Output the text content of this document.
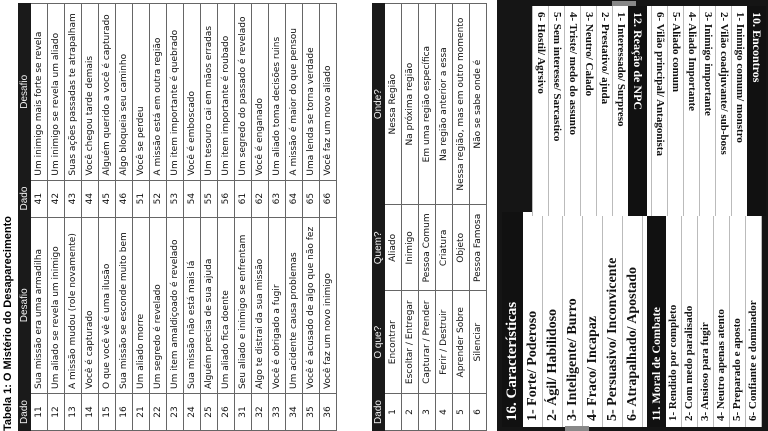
Tabela 1: O Mistério do Desaparecimento Dado	Desafio	Dado	Desafio
11	Sua missão era uma armadilha	41	Um inimigo mais forte se revela
12	Um aliado se revela um inimigo	42	Um inimigo se revela um aliado
13	A missão mudou (role novamente)	43	Suas ações passadas te atrapalham
14	Você é capturado	44	Você chegou tarde demais
15	O que você vê é uma ilusão	45	Alguém querido a você é capturado
16	Sua missão se esconde muito bem	46	Algo bloqueia seu caminho
21	Um aliado morre	51	Você se perdeu
22	Um segredo é revelado	52	A missão está em outra região
23	Um item amaldiçoado é revelado	53	Um item importante é quebrado
24	Sua missão não está mais lá	54	Você é emboscado
25	Alguém precisa de sua ajuda	55	Um tesouro cai em mãos erradas
26	Um aliado fica doente	56	Um item importante é roubado
31	Seu aliado e inimigo se enfrentam	61	Um segredo do passado é revelado
32	Algo te distrai da sua missão	62	Você é enganado
33	Você é obrigado a fugir	63	Um aliado toma decisões ruins
34	Um acidente causa problemas	64	A missão é maior do que pensou
35	Você é acusado de algo que não fez	65	Uma lenda se torna verdade
36	Você faz um novo inimigo	66	Você faz um novo aliado
Dado	O que?	Quem?	Onde?
1	Encontrar	Aliado	Nessa Região
2	Escoltar / Entregar	Inimigo	Na próxima região
3	Capturar / Prender	Pessoa Comum	Em uma região específica
4	Ferir / Destruir	Criatura	Na região anterior a essa
5	Aprender Sobre	Objeto	Nessa região, mas em outro momento
6	Silenciar	Pessoa Famosa	Não se sabe onde é
16. Características 1- Forte/ Poderoso 2- Ágil/ Habilidoso 3- Inteligente/ Burro 4- Fraco/ Incapaz 5- Persuasivo/ Inconvicente 6- Atrapalhado/ Apostado 11. Moral de Combate 1- Rendido por completo 2- Com medo paralisado 3- Ansioso para fugir 4- Neutro apenas atento 5- Preparado e aposto 6- Confiante e dominador
10. Encontros
1- Inimigo comum/ monstro
2- Vilão coadjuvante/ sub-boss
3- Inimigo importante
4- Aliado Importante
5- Aliado comum
6- Vilão principal/ Antagonista
12. Reação de NPC
1- Interessado/ Surpreso
2- Prestativo/ ajuda
3- Neutro/ Calado
4- Triste/ medo do assunto
5- Sem interesse/ Sarcastico
6- Hostil/ Agrsivo
